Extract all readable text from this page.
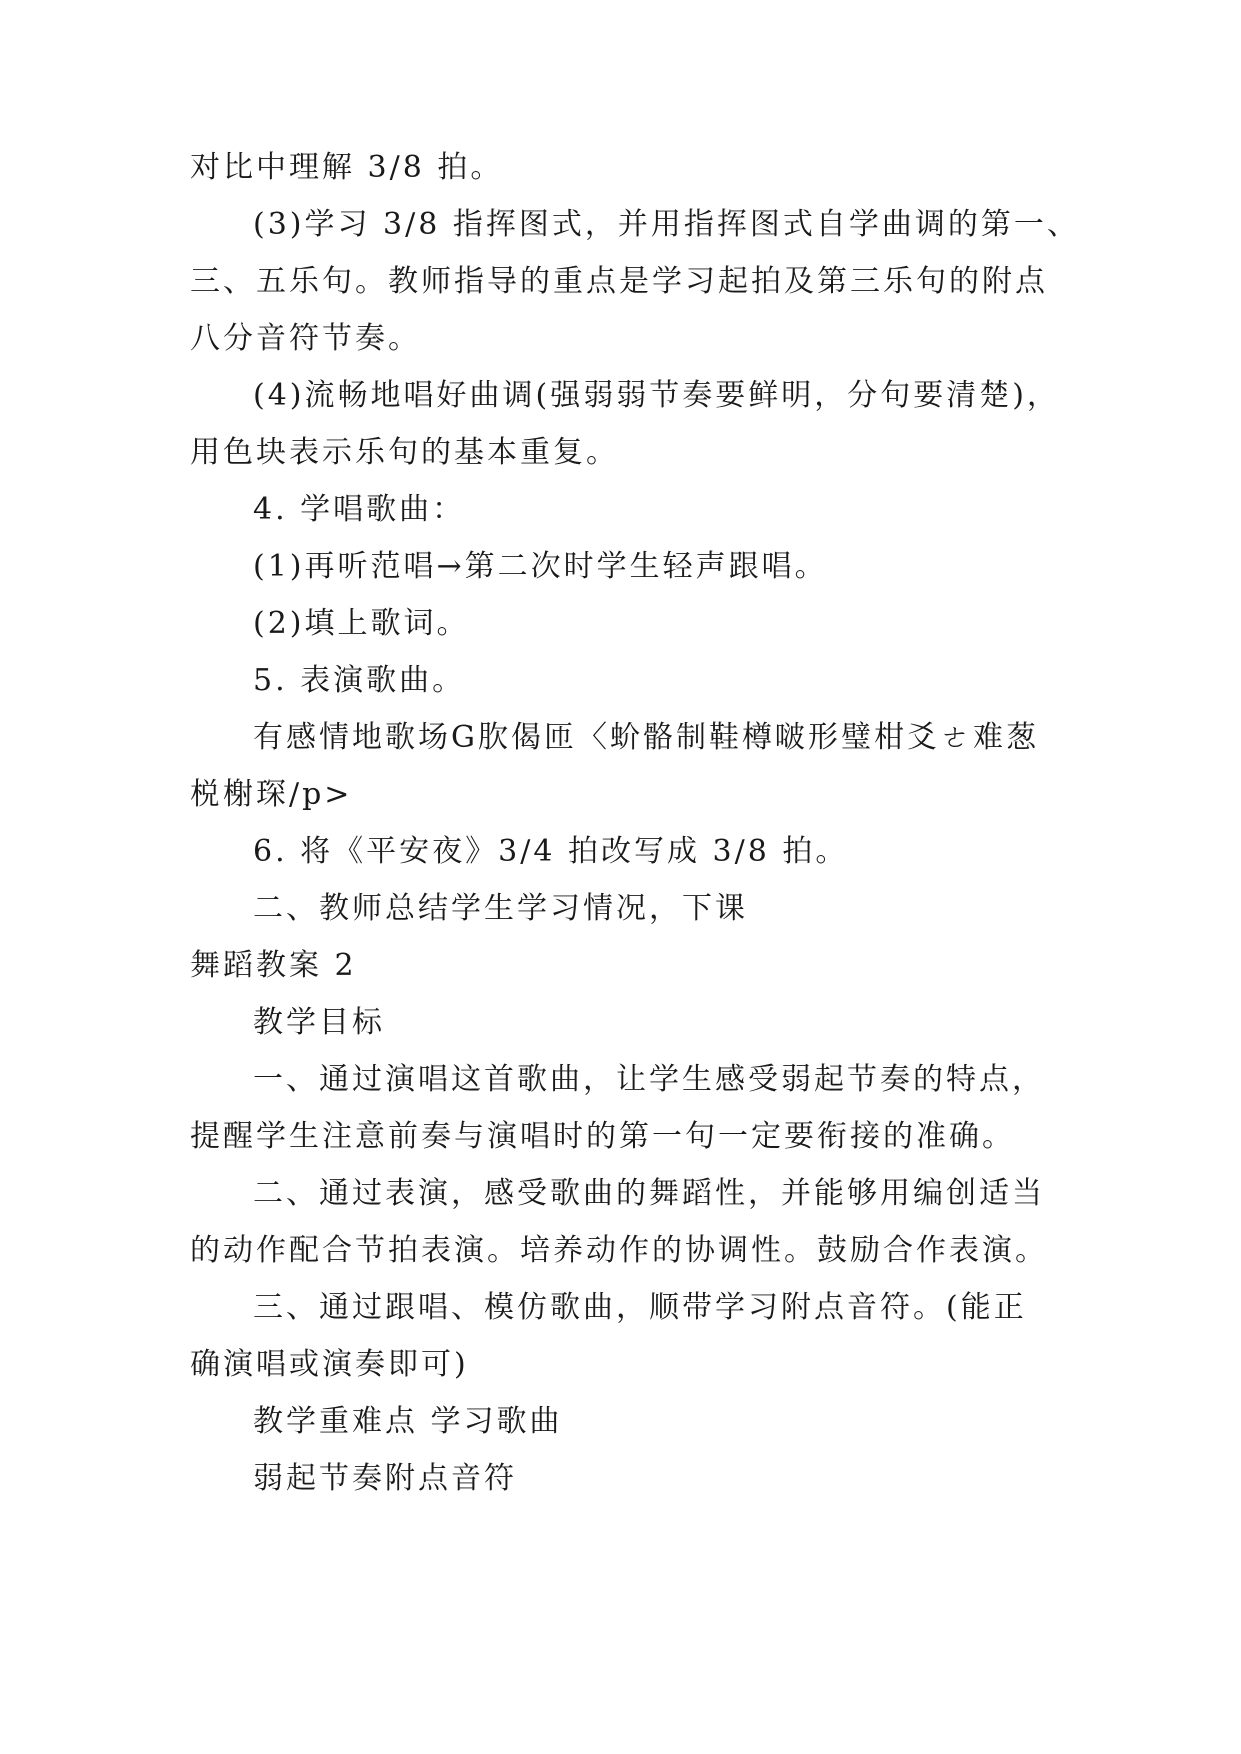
对比中理解 3/8 拍。
(3)学习 3/8 指挥图式，并用指挥图式自学曲调的第一、
三、五乐句。教师指导的重点是学习起拍及第三乐句的附点
八分音符节奏。
(4)流畅地唱好曲调(强弱弱节奏要鲜明，分句要清楚)，
用色块表示乐句的基本重复。
4. 学唱歌曲：
(1)再听范唱→第二次时学生轻声跟唱。
(2)填上歌词。
5. 表演歌曲。
有感情地歌场G肷偈匝〈蚧骼制鞋樽啵形璧柑爻ㄜ难葱
棁榭琛/p>
6. 将《平安夜》3/4 拍改写成 3/8 拍。
二、教师总结学生学习情况，下课
舞蹈教案 2
教学目标
一、通过演唱这首歌曲，让学生感受弱起节奏的特点，
提醒学生注意前奏与演唱时的第一句一定要衔接的准确。
二、通过表演，感受歌曲的舞蹈性，并能够用编创适当
的动作配合节拍表演。培养动作的协调性。鼓励合作表演。
三、通过跟唱、模仿歌曲，顺带学习附点音符。(能正
确演唱或演奏即可)
教学重难点 学习歌曲
弱起节奏附点音符
